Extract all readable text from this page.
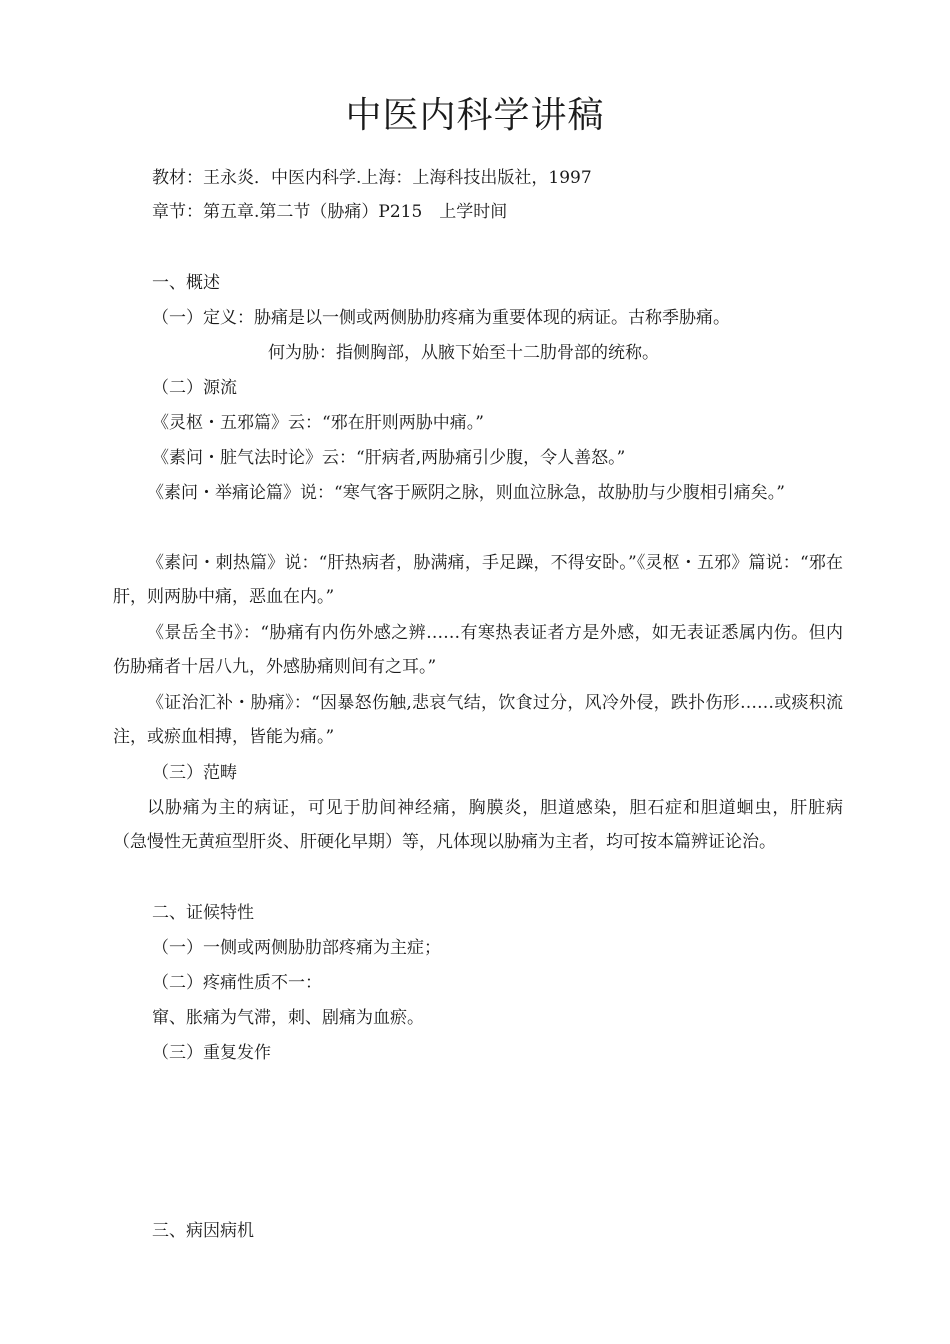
中医内科学讲稿
教材：王永炎．中医内科学.上海：上海科技出版社，1997
章节：第五章.第二节（胁痛）P215　上学时间
一、概述
（一）定义：胁痛是以一侧或两侧胁肋疼痛为重要体现的病证。古称季胁痛。
何为胁：指侧胸部，从腋下始至十二肋骨部的统称。
（二）源流
《灵枢・五邪篇》云：“邪在肝则两胁中痛。”
《素问・脏气法时论》云：“肝病者,两胁痛引少腹，令人善怒。”
《素问・举痛论篇》说：“寒气客于厥阴之脉，则血泣脉急，故胁肋与少腹相引痛矣。”
《素问・刺热篇》说：“肝热病者，胁满痛，手足躁，不得安卧。”《灵枢・五邪》篇说：“邪在肝，则两胁中痛，恶血在内。”
《景岳全书》：“胁痛有内伤外感之辨……有寒热表证者方是外感，如无表证悉属内伤。但内伤胁痛者十居八九，外感胁痛则间有之耳。”
《证治汇补・胁痛》：“因暴怒伤触,悲哀气结，饮食过分，风冷外侵，跌扑伤形……或痰积流注，或瘀血相搏，皆能为痛。”
（三）范畴
以胁痛为主的病证，可见于肋间神经痛，胸膜炎，胆道感染，胆石症和胆道蛔虫，肝脏病（急慢性无黄疸型肝炎、肝硬化早期）等，凡体现以胁痛为主者，均可按本篇辨证论治。
二、证候特性
（一）一侧或两侧胁肋部疼痛为主症；
（二）疼痛性质不一：
窜、胀痛为气滞，刺、剧痛为血瘀。
（三）重复发作
三、病因病机
